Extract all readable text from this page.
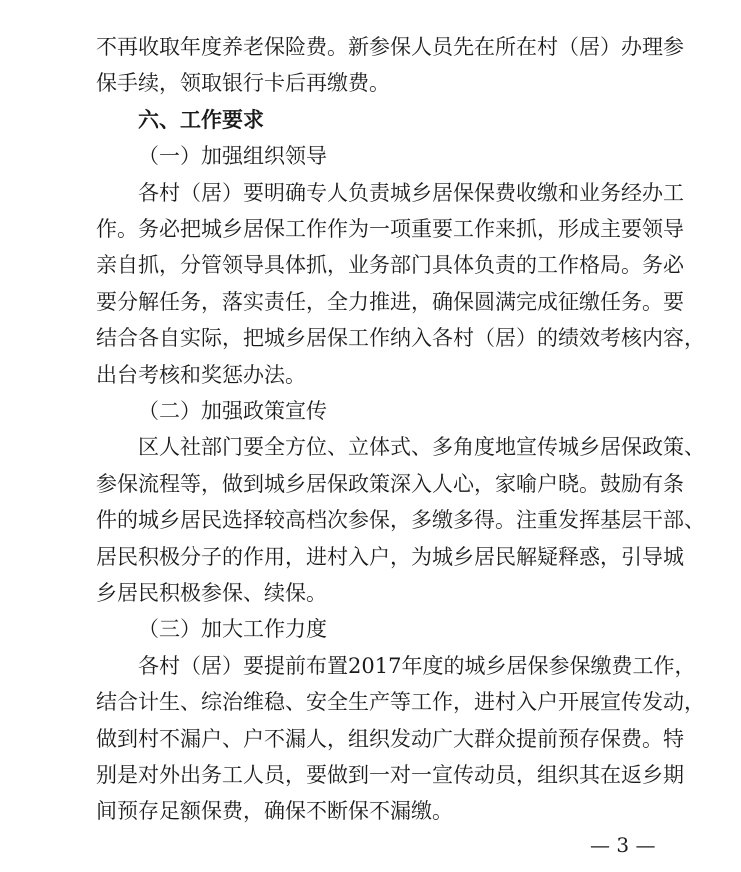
不再收取年度养老保险费。新参保人员先在所在村（居）办理参
保手续，领取银行卡后再缴费。
六、工作要求
（一）加强组织领导
各村（居）要明确专人负责城乡居保保费收缴和业务经办工
作。务必把城乡居保工作作为一项重要工作来抓，形成主要领导
亲自抓，分管领导具体抓，业务部门具体负责的工作格局。务必
要分解任务，落实责任，全力推进，确保圆满完成征缴任务。要
结合各自实际，把城乡居保工作纳入各村（居）的绩效考核内容，
出台考核和奖惩办法。
（二）加强政策宣传
区人社部门要全方位、立体式、多角度地宣传城乡居保政策、
参保流程等，做到城乡居保政策深入人心，家喻户晓。鼓励有条
件的城乡居民选择较高档次参保，多缴多得。注重发挥基层干部、
居民积极分子的作用，进村入户，为城乡居民解疑释惑，引导城
乡居民积极参保、续保。
（三）加大工作力度
各村（居）要提前布置2017年度的城乡居保参保缴费工作，
结合计生、综治维稳、安全生产等工作，进村入户开展宣传发动，
做到村不漏户、户不漏人，组织发动广大群众提前预存保费。特
别是对外出务工人员，要做到一对一宣传动员，组织其在返乡期
间预存足额保费，确保不断保不漏缴。
— 3 —
